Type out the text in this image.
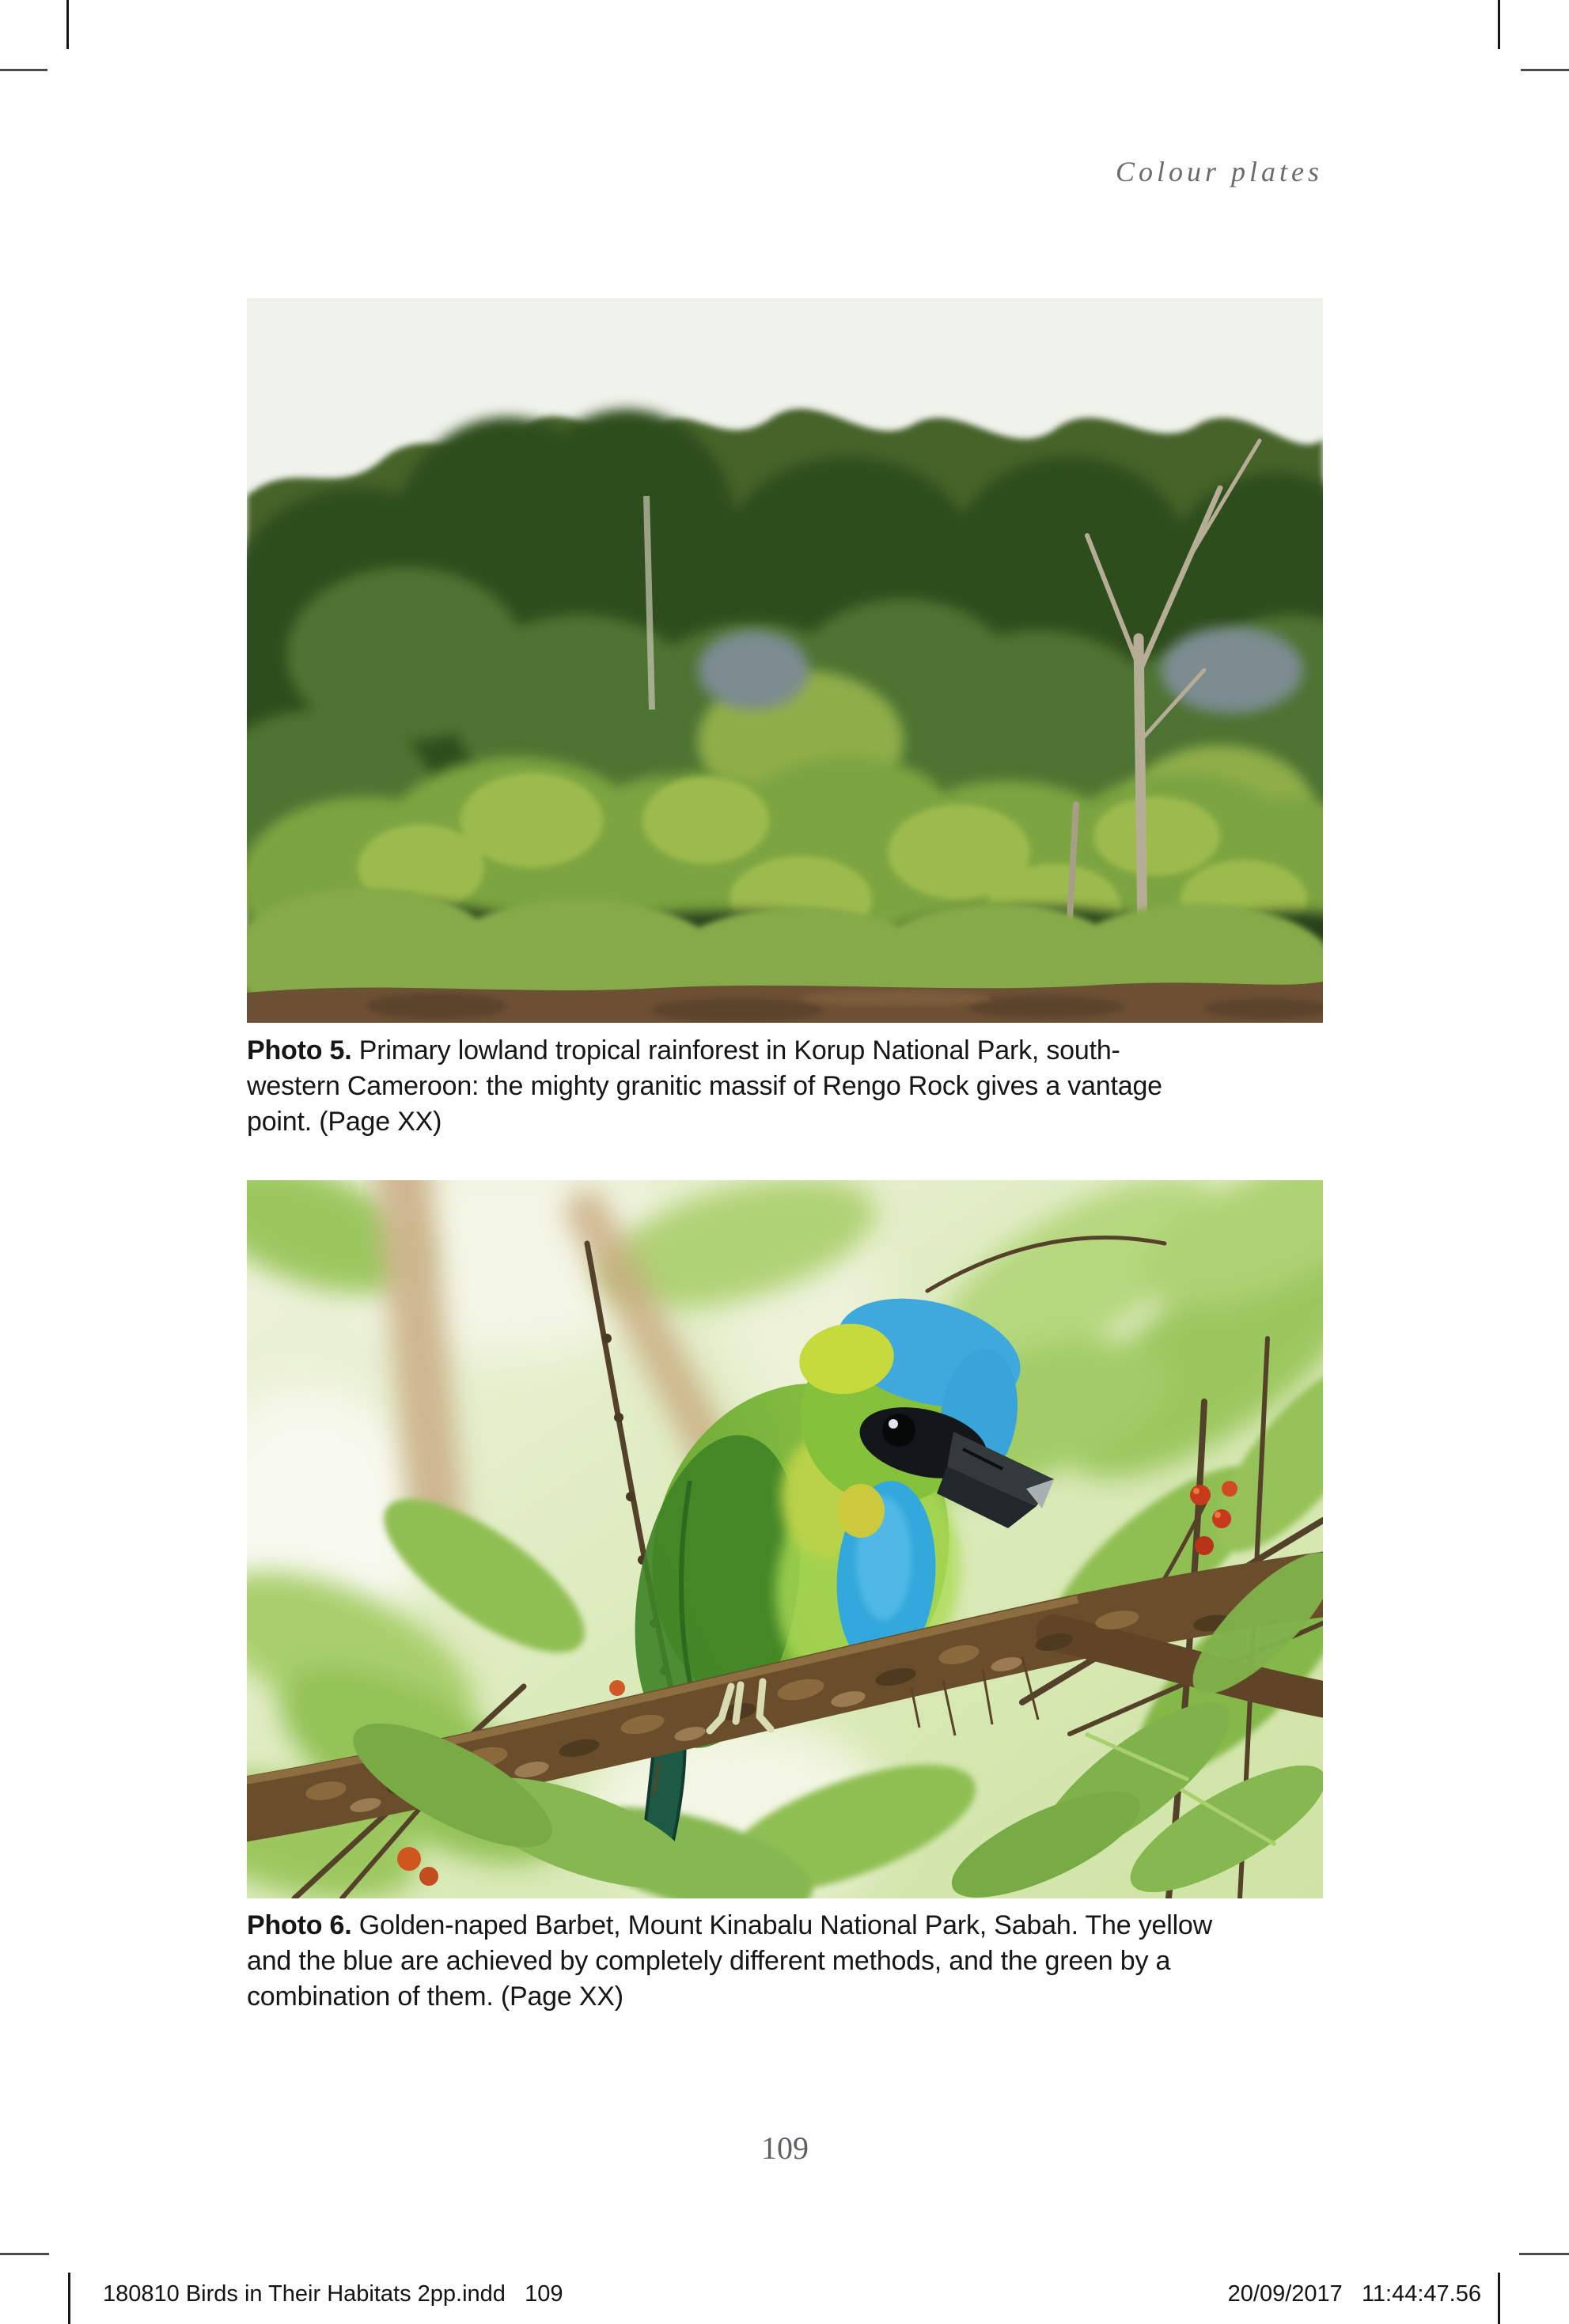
Colour plates
Photo 5. Primary lowland tropical rainforest in Korup National Park, south-
western Cameroon: the mighty granitic massif of Rengo Rock gives a vantage
point. (Page XX)
Photo 6. Golden-naped Barbet, Mount Kinabalu National Park, Sabah. The yellow
and the blue are achieved by completely different methods, and the green by a
combination of them. (Page XX)
109
180810 Birds in Their Habitats 2pp.indd   109	20/09/2017   11:44:47.56
